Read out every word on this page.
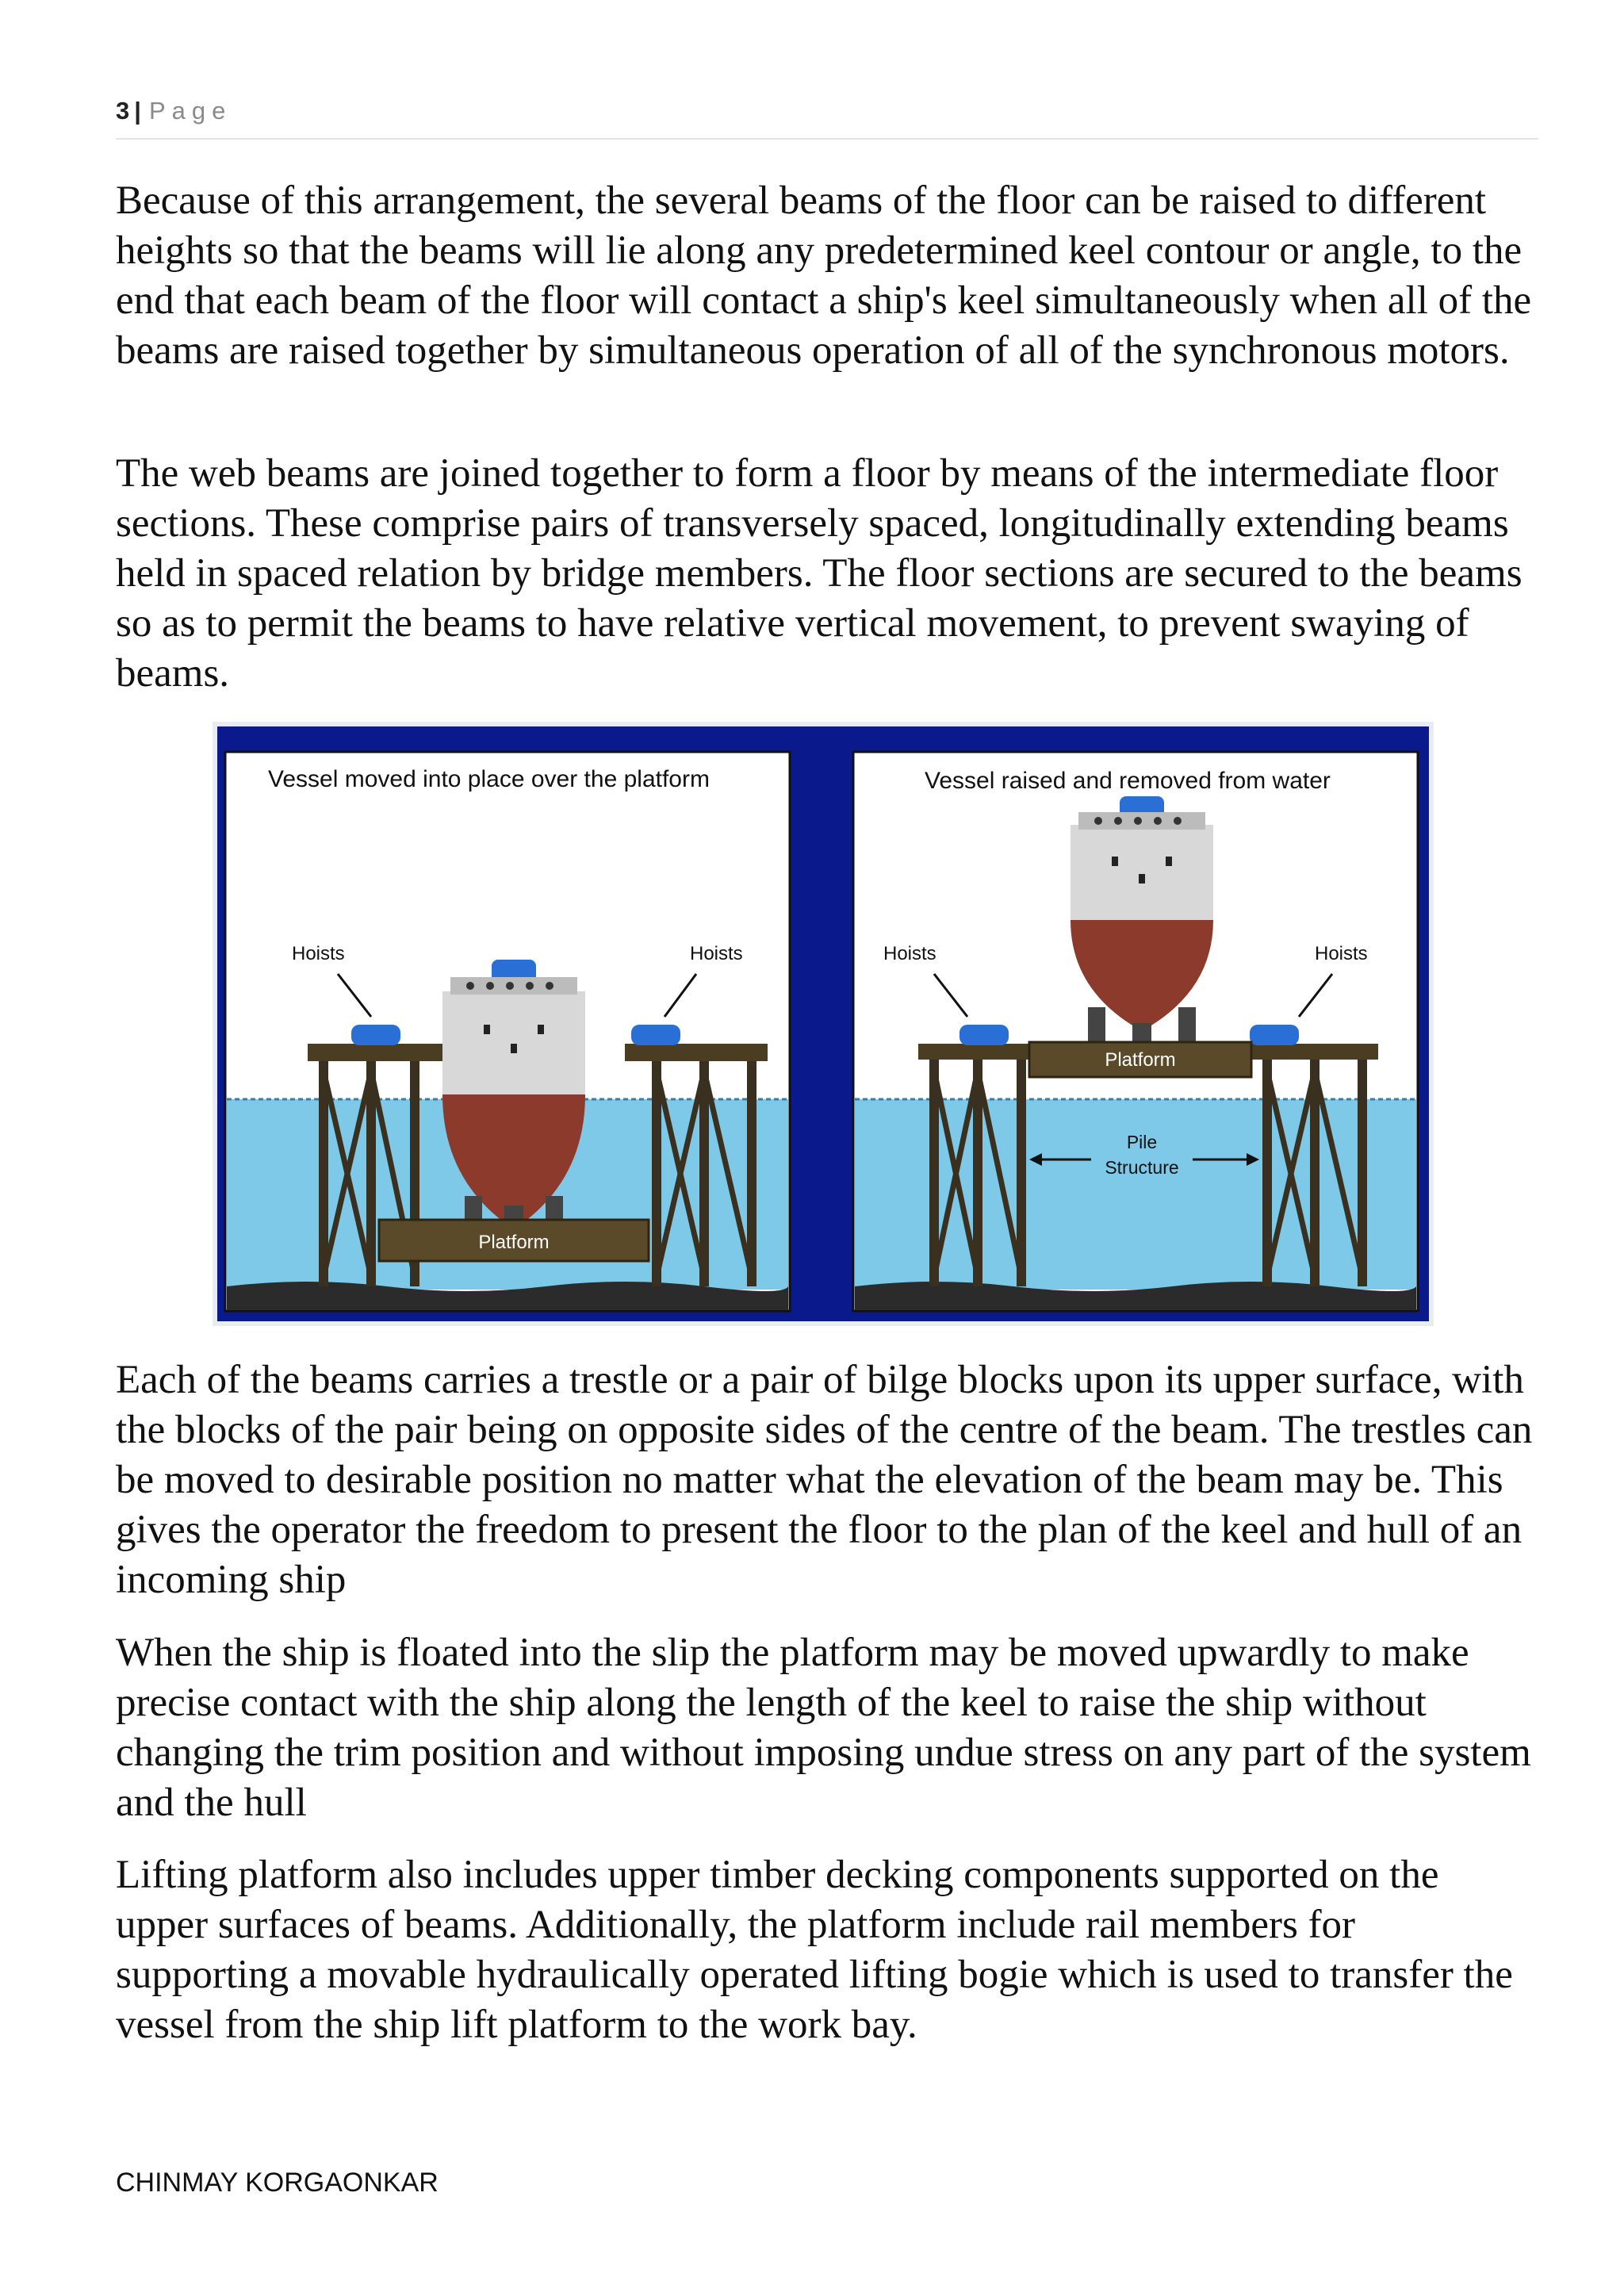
3 | Page

Because of this arrangement, the several beams of the floor can be raised to different heights so that the beams will lie along any predetermined keel contour or angle, to the end that each beam of the floor will contact a ship's keel simultaneously when all of the beams are raised together by simultaneous operation of all of the synchronous motors.

The web beams are joined together to form a floor by means of the intermediate floor sections. These comprise pairs of transversely spaced, longitudinally extending beams held in spaced relation by bridge members. The floor sections are secured to the beams so as to permit the beams to have relative vertical movement, to prevent swaying of beams.

Vessel moved into place over the platform
Hoists	Hoists
Platform
Vessel raised and removed from water
Hoists	Hoists
Platform
Pile
Structure

Each of the beams carries a trestle or a pair of bilge blocks upon its upper surface, with the blocks of the pair being on opposite sides of the centre of the beam. The trestles can be moved to desirable position no matter what the elevation of the beam may be. This gives the operator the freedom to present the floor to the plan of the keel and hull of an incoming ship

When the ship is floated into the slip the platform may be moved upwardly to make precise contact with the ship along the length of the keel to raise the ship without changing the trim position and without imposing undue stress on any part of the system and the hull

Lifting platform also includes upper timber decking components supported on the upper surfaces of beams. Additionally, the platform include rail members for supporting a movable hydraulically operated lifting bogie which is used to transfer the vessel from the ship lift platform to the work bay.

CHINMAY KORGAONKAR
